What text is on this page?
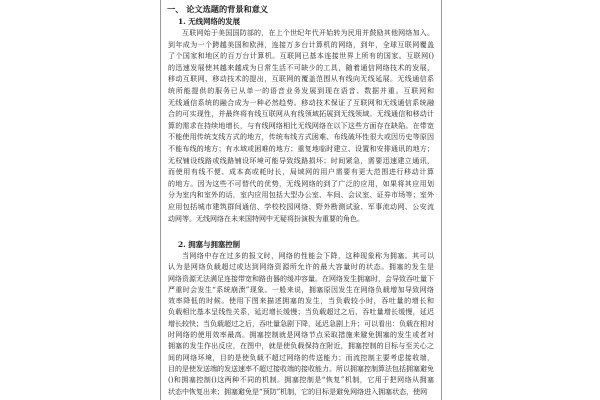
一、 论文选题的背景和意义
1. 无线网络的发展
互联网始于美国国防部的，在上个世纪年代开始转为民用并鼓励其他网络加入。
到年成为一个跨越美国和欧洲，连接万多台计算机的网络，到年，全球互联网覆盖
了个国家和地区的百万台计算机。互联网已基本连接世界上所有的国家。互联网()
的迅速发展使其越来越成为日常生活不可缺少的工具，随着通信网络技术的发展，
移动互联网、移动技术的提出，互联网的覆盖范围从有线向无线延展。无线通信系
统所能提供的服务已从单一的语音业务发展到现在语音、数据并重。互联网和
无线通信系统的融合成为一种必然趋势。移动技术保证了互联网和无线通信系统融
合的可实现性，并最终将有线互联网从有线领域拓展到无线领域。无线通信和移动计
算的需求在持续地增长，与有线网络相比无线网络在以下这些方面存在缺陷。在带宽
不能使用传统支线方式的地方，传统布线方式困难、布线破坏性很大或因历史等原因
不能布线的地方；有水域或困难的地方；重复地临时建立、设置和安排通讯的地方；
无权铺设线路或线路铺设环境可能导致线路损坏；时间紧急，需要迅速建立通讯，
而使用有线不便、成本高或耗时长，局域网的用户需要有更大范围进行移动计算
的地方。因为这些不可替代的优势，无线网络的到了广泛的应用，如果将其应用划
分为室内和室外的话，室内应用包括大型办公室、车间、会议室、证券市场等；室外
应用包括城市建筑群间通信、学校校园网络、野外勘测试验、军事流动网、公安流
动网等。无线网络在未来国特网中无疑将扮演极为重要的角色。
2. 拥塞与拥塞控制
当网络中存在过多的报文时，网络的性能会下降，这种现象称为拥塞。其可以
认为是网络负载超过或达到网络资源所允许的最大容量时的状态。拥塞的发生是
网络资源无法满足连接带宽和路由器的缓冲容量。在网络发生拥塞时，会导致吞吐量下
严重时会发生“系统崩溃”现象。一般来说，拥塞原因发生在网络负载增加导致网络
效率降低的时候。使用下图来描述拥塞的发生，当负载较小时，吞吐量的增长和
负载相比基本呈线性关系，延迟增长缓慢；当负载超过之后，吞吐量增长缓慢，延迟
增长较快；当负载超过之后，吞吐量急剧下降，延迟急剧上升；可以看出：负载在相对
时网络的使用效率最高。拥塞控制就是网络节点采取措施来避免拥塞的发生或者对
拥塞的发生作出反应，在图中，就是使负载保持在附近，拥塞控制的目标与至关心之
间的网络环境，目的是使负载不超过网络的传送能力；而流控制主要考虑接收端，
目的是使发送端的发送速率不超过接收端的接收能力。所以拥塞控制算法包括拥塞避免
()和拥塞控制()这两种不同的机制。拥塞控制是“恢复”机制，它用于把网络从拥塞
状态中恢复出来；拥塞避免是“预防”机制，它的目标是避免网络进入拥塞状态，使网
